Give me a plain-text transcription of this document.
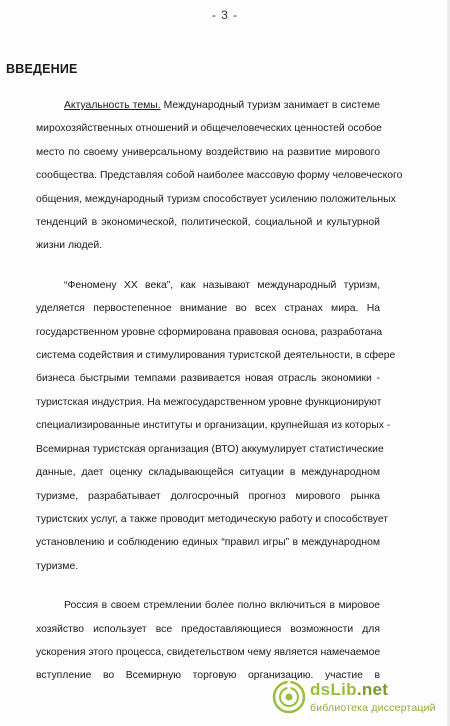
- 3 -
ВВЕДЕНИЕ
Актуальность темы. Международный туризм занимает в системе
мирохозяйственных отношений и общечеловеческих ценностей особое
место по своему универсальному воздействию на развитие мирового
сообщества. Представляя собой наиболее массовую форму человеческого
общения, международный туризм способствует усилению положительных
тенденций в экономической, политической, социальной и культурной
жизни людей.
“Феномену XX века”, как называют международный туризм,
уделяется первостепенное внимание во всех странах мира. На
государственном уровне сформирована правовая основа, разработана
система содействия и стимулирования туристской деятельности, в сфере
бизнеса быстрыми темпами развивается новая отрасль экономики -
туристская индустрия. На межгосударственном уровне функционируют
специализированные институты и организации, крупнейшая из которых -
Всемирная туристская организация (ВТО) аккумулирует статистические
данные, дает оценку складывающейся ситуации в международном
туризме, разрабатывает долгосрочный прогноз мирового рынка
туристских услуг, а также проводит методическую работу и способствует
установлению и соблюдению единых “правил игры” в международном
туризме.
Россия в своем стремлении более полно включиться в мировое
хозяйство использует все предоставляющиеся возможности для
ускорения этого процесса, свидетельством чему является намечаемое
вступление во Всемирную торговую организацию. участие в
dsLib.net
библиотека диссертаций
